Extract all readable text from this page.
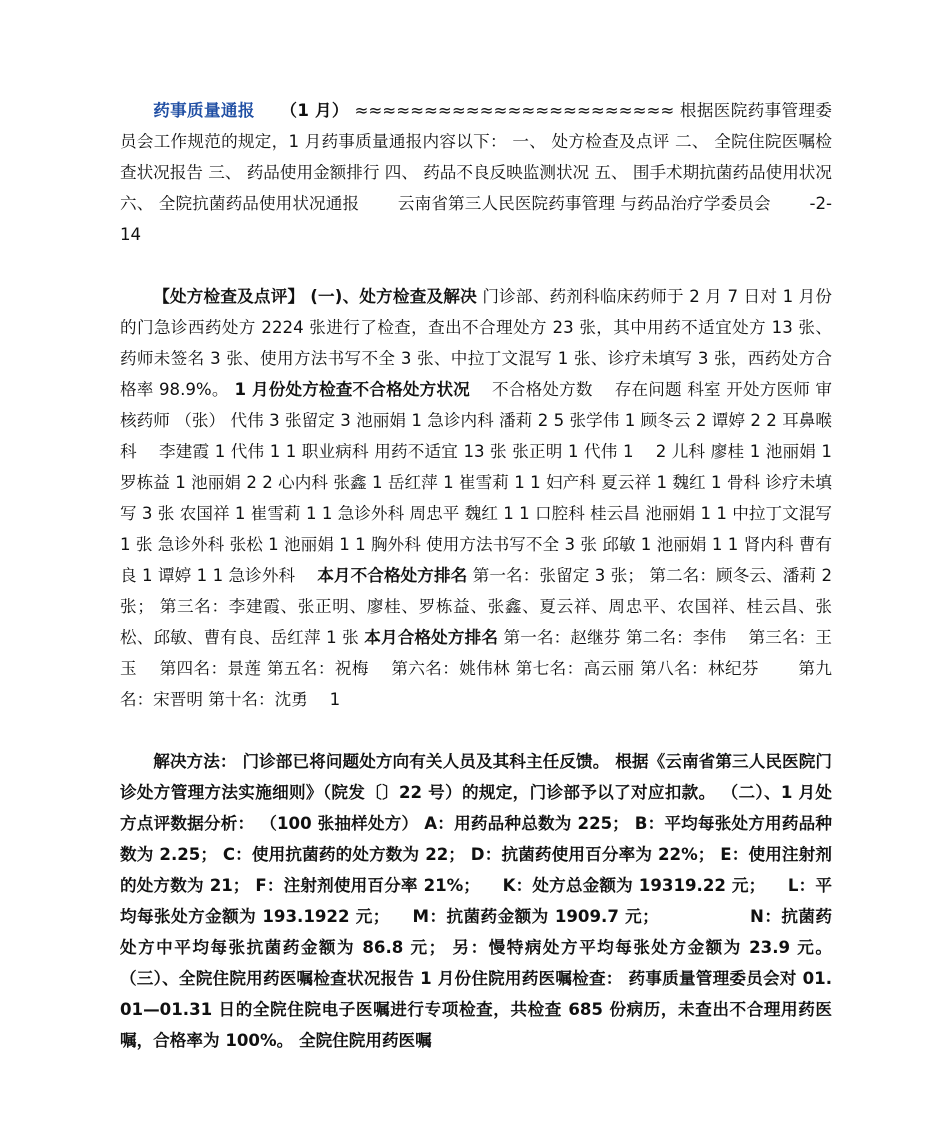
药事质量通报　　 （1 月） ≈≈≈≈≈≈≈≈≈≈≈≈≈≈≈≈≈≈≈≈≈≈≈ 根据医院药事管理委员会工作规范的规定，1 月药事质量通报内容以下： 一、 处方检查及点评 二、 全院住院医嘱检查状况报告 三、 药品使用金额排行 四、 药品不良反映监测状况 五、 围手术期抗菌药品使用状况 六、 全院抗菌药品使用状况通报 　　云南省第三人民医院药事管理 与药品治疗学委员会 　　-2-14

【处方检查及点评】 (一)、处方检查及解决 门诊部、药剂科临床药师于 2 月 7 日对 1 月份的门急诊西药处方 2224 张进行了检查，查出不合理处方 23 张，其中用药不适宜处方 13 张、药师未签名 3 张、使用方法书写不全 3 张、中拉丁文混写 1 张、诊疗未填写 3 张，西药处方合格率 98.9%。 1 月份处方检查不合格处方状况 　不合格处方数 　存在问题 科室 开处方医师 审核药师 （张） 代伟 3 张留定 3 池丽娟 1 急诊内科 潘莉 2 5 张学伟 1 顾冬云 2 谭婷 2 2 耳鼻喉科 　李建霞 1 代伟 1 1 职业病科 用药不适宜 13 张 张正明 1 代伟 1 　2 儿科 廖桂 1 池丽娟 1 罗栋益 1 池丽娟 2 2 心内科 张鑫 1 岳红萍 1 崔雪莉 1 1 妇产科 夏云祥 1 魏红 1 骨科 诊疗未填写 3 张 农国祥 1 崔雪莉 1 1 急诊外科 周忠平 魏红 1 1 口腔科 桂云昌 池丽娟 1 1 中拉丁文混写 1 张 急诊外科 张松 1 池丽娟 1 1 胸外科 使用方法书写不全 3 张 邱敏 1 池丽娟 1 1 肾内科 曹有良 1 谭婷 1 1 急诊外科 　本月不合格处方排名 第一名：张留定 3 张； 第二名：顾冬云、潘莉 2 张； 第三名：李建霞、张正明、廖桂、罗栋益、张鑫、夏云祥、周忠平、农国祥、桂云昌、张松、邱敏、曹有良、岳红萍 1 张 本月合格处方排名 第一名：赵继芬 第二名：李伟 　第三名：王玉 　第四名：景莲 第五名：祝梅 　第六名：姚伟林 第七名：高云丽 第八名：林纪芬 　　第九名：宋晋明 第十名：沈勇 　1

解决方法： 门诊部已将问题处方向有关人员及其科主任反馈。 根据《云南省第三人民医院门诊处方管理方法实施细则》（院发〔〕22 号）的规定，门诊部予以了对应扣款。 （二）、1 月处方点评数据分析： （100 张抽样处方） A：用药品种总数为 225； B：平均每张处方用药品种数为 2.25； C：使用抗菌药的处方数为 22； D：抗菌药使用百分率为 22%； E：使用注射剂的处方数为 21； F：注射剂使用百分率 21%； 　K：处方总金额为 19319.22 元； 　L：平均每张处方金额为 193.1922 元； 　M：抗菌药金额为 1909.7 元； 　　　　　N：抗菌药处方中平均每张抗菌药金额为 86.8 元； 另：慢特病处方平均每张处方金额为 23.9 元。 （三）、全院住院用药医嘱检查状况报告 1 月份住院用药医嘱检查： 药事质量管理委员会对 01.01—01.31 日的全院住院电子医嘱进行专项检查，共检查 685 份病历，未查出不合理用药医嘱，合格率为 100%。 全院住院用药医嘱
